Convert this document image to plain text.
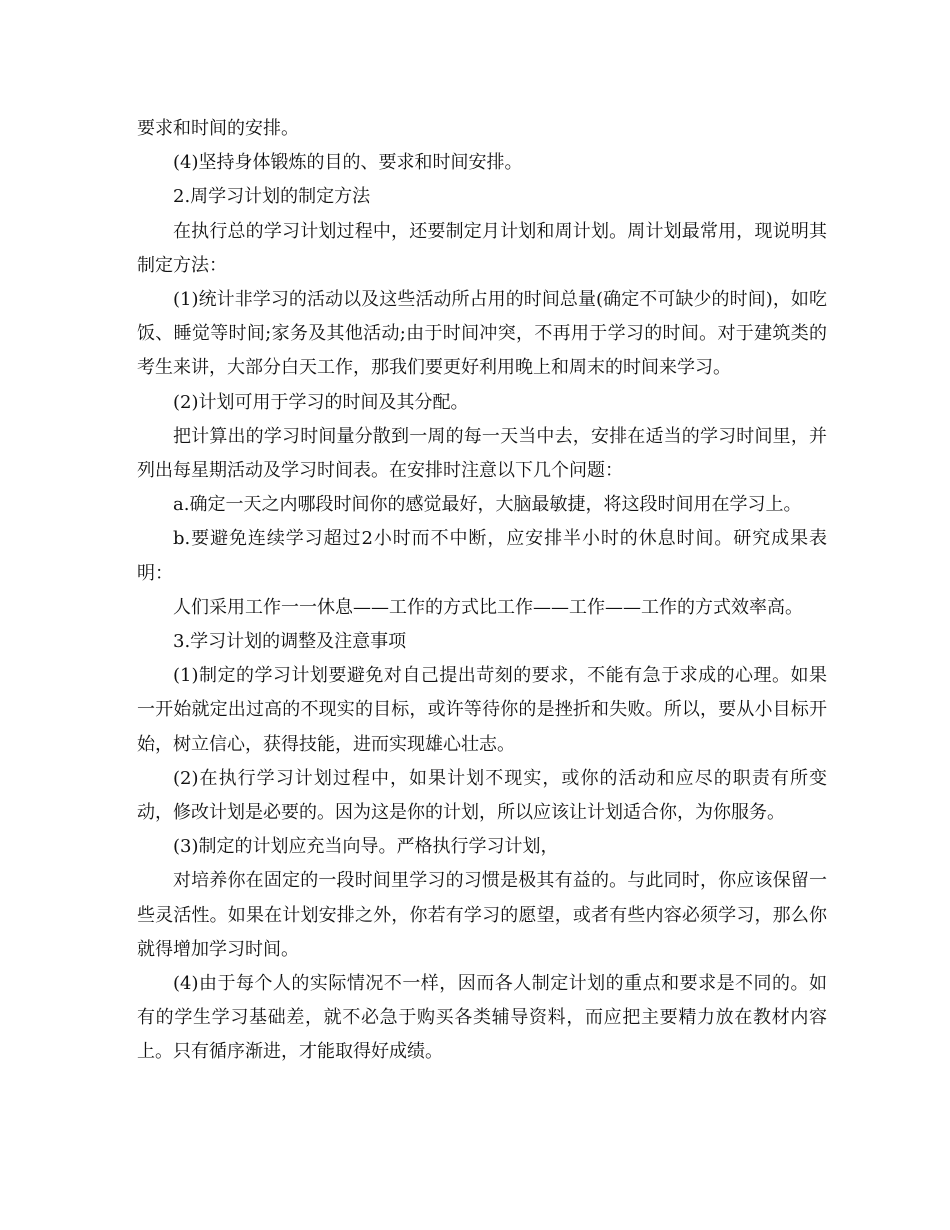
要求和时间的安排。

(4)坚持身体锻炼的目的、要求和时间安排。

2.周学习计划的制定方法

在执行总的学习计划过程中，还要制定月计划和周计划。周计划最常用，现说明其制定方法：

(1)统计非学习的活动以及这些活动所占用的时间总量(确定不可缺少的时间)，如吃饭、睡觉等时间;家务及其他活动;由于时间冲突，不再用于学习的时间。对于建筑类的考生来讲，大部分白天工作，那我们要更好利用晚上和周末的时间来学习。

(2)计划可用于学习的时间及其分配。

把计算出的学习时间量分散到一周的每一天当中去，安排在适当的学习时间里，并列出每星期活动及学习时间表。在安排时注意以下几个问题：

a.确定一天之内哪段时间你的感觉最好，大脑最敏捷，将这段时间用在学习上。

b.要避免连续学习超过2小时而不中断，应安排半小时的休息时间。研究成果表明：

人们采用工作一一休息——工作的方式比工作——工作——工作的方式效率高。

3.学习计划的调整及注意事项

(1)制定的学习计划要避免对自己提出苛刻的要求，不能有急于求成的心理。如果一开始就定出过高的不现实的目标，或许等待你的是挫折和失败。所以，要从小目标开始，树立信心，获得技能，进而实现雄心壮志。

(2)在执行学习计划过程中，如果计划不现实，或你的活动和应尽的职责有所变动，修改计划是必要的。因为这是你的计划，所以应该让计划适合你，为你服务。

(3)制定的计划应充当向导。严格执行学习计划，

对培养你在固定的一段时间里学习的习惯是极其有益的。与此同时，你应该保留一些灵活性。如果在计划安排之外，你若有学习的愿望，或者有些内容必须学习，那么你就得增加学习时间。

(4)由于每个人的实际情况不一样，因而各人制定计划的重点和要求是不同的。如有的学生学习基础差，就不必急于购买各类辅导资料，而应把主要精力放在教材内容上。只有循序渐进，才能取得好成绩。
